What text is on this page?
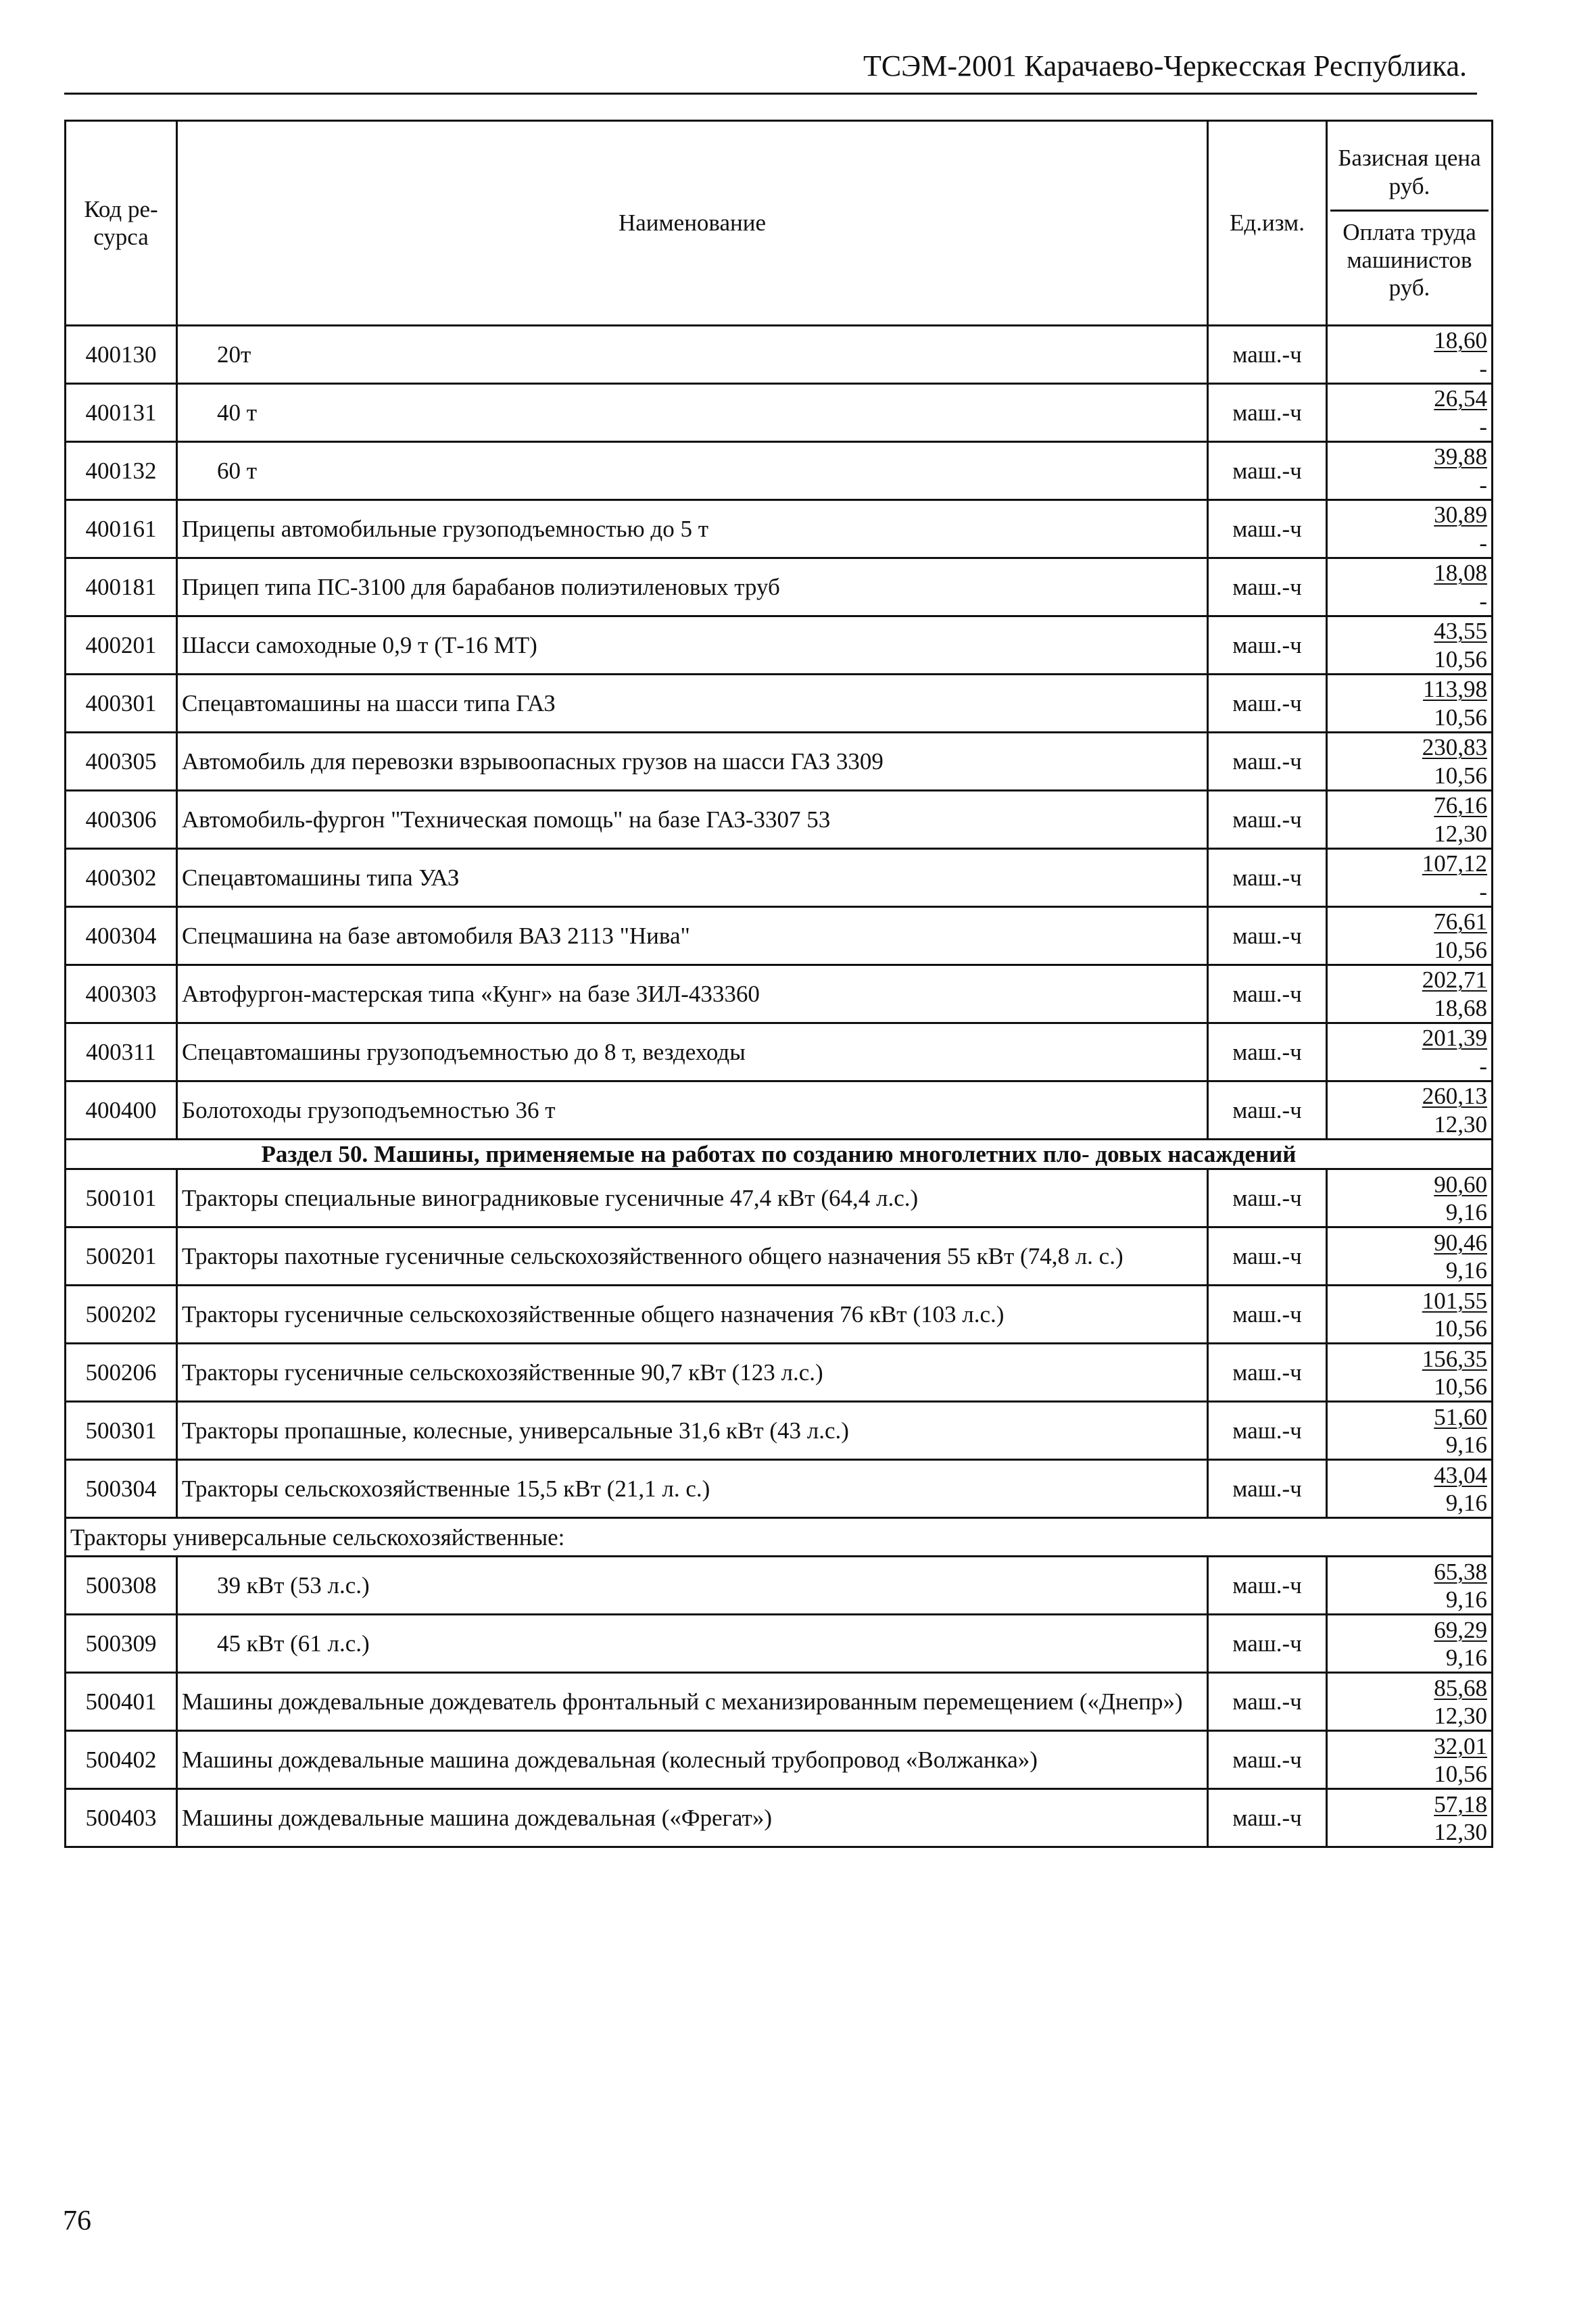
ТСЭМ-2001 Карачаево-Черкесская Республика.
Код ре- сурса	Наименование	Ед.изм.	Базисная цена руб.
Оплата труда машинистов руб.

400130	20т	маш.-ч	18,60
-

400131	40 т	маш.-ч	26,54
-

400132	60 т	маш.-ч	39,88
-

400161	Прицепы автомобильные грузоподъемностью до 5 т	маш.-ч	30,89
-

400181	Прицеп типа ПС-3100 для барабанов полиэтиленовых труб	маш.-ч	18,08
-

400201	Шасси самоходные 0,9 т (Т-16 МТ)	маш.-ч	43,55
10,56

400301	Спецавтомашины на шасси типа ГАЗ	маш.-ч	113,98
10,56

400305	Автомобиль для перевозки взрывоопасных грузов на шасси ГАЗ 3309	маш.-ч	230,83
10,56

400306	Автомобиль-фургон "Техническая помощь" на базе ГАЗ-3307 53	маш.-ч	76,16
12,30

400302	Спецавтомашины типа УАЗ	маш.-ч	107,12
-

400304	Спецмашина на базе автомобиля ВАЗ 2113 "Нива"	маш.-ч	76,61
10,56

400303	Автофургон-мастерская типа «Кунг» на базе ЗИЛ-433360	маш.-ч	202,71
18,68

400311	Спецавтомашины грузоподъемностью до 8 т, вездеходы	маш.-ч	201,39
-

400400	Болотоходы грузоподъемностью 36 т	маш.-ч	260,13
12,30

Раздел 50. Машины, применяемые на работах по созданию многолетних пло- довых насаждений			
500101	Тракторы специальные виноградниковые гусеничные 47,4 кВт (64,4 л.с.)	маш.-ч	90,60
9,16

500201	Тракторы пахотные гусеничные сельскохозяйственного общего назначения 55 кВт (74,8 л. с.)	маш.-ч	90,46
9,16

500202	Тракторы гусеничные сельскохозяйственные общего назначения 76 кВт (103 л.с.)	маш.-ч	101,55
10,56

500206	Тракторы гусеничные сельскохозяйственные 90,7 кВт (123 л.с.)	маш.-ч	156,35
10,56

500301	Тракторы пропашные, колесные, универсальные 31,6 кВт (43 л.с.)	маш.-ч	51,60
9,16

500304	Тракторы сельскохозяйственные 15,5 кВт (21,1 л. с.)	маш.-ч	43,04
9,16

Тракторы универсальные сельскохозяйственные:			
500308	39 кВт (53 л.с.)	маш.-ч	65,38
9,16

500309	45 кВт (61 л.с.)	маш.-ч	69,29
9,16

500401	Машины дождевальные дождеватель фронтальный с механизированным перемещением («Днепр»)	маш.-ч	85,68
12,30

500402	Машины дождевальные машина дождевальная (колесный трубопровод «Волжанка»)	маш.-ч	32,01
10,56

500403	Машины дождевальные машина дождевальная («Фрегат»)	маш.-ч	57,18
12,30
76
